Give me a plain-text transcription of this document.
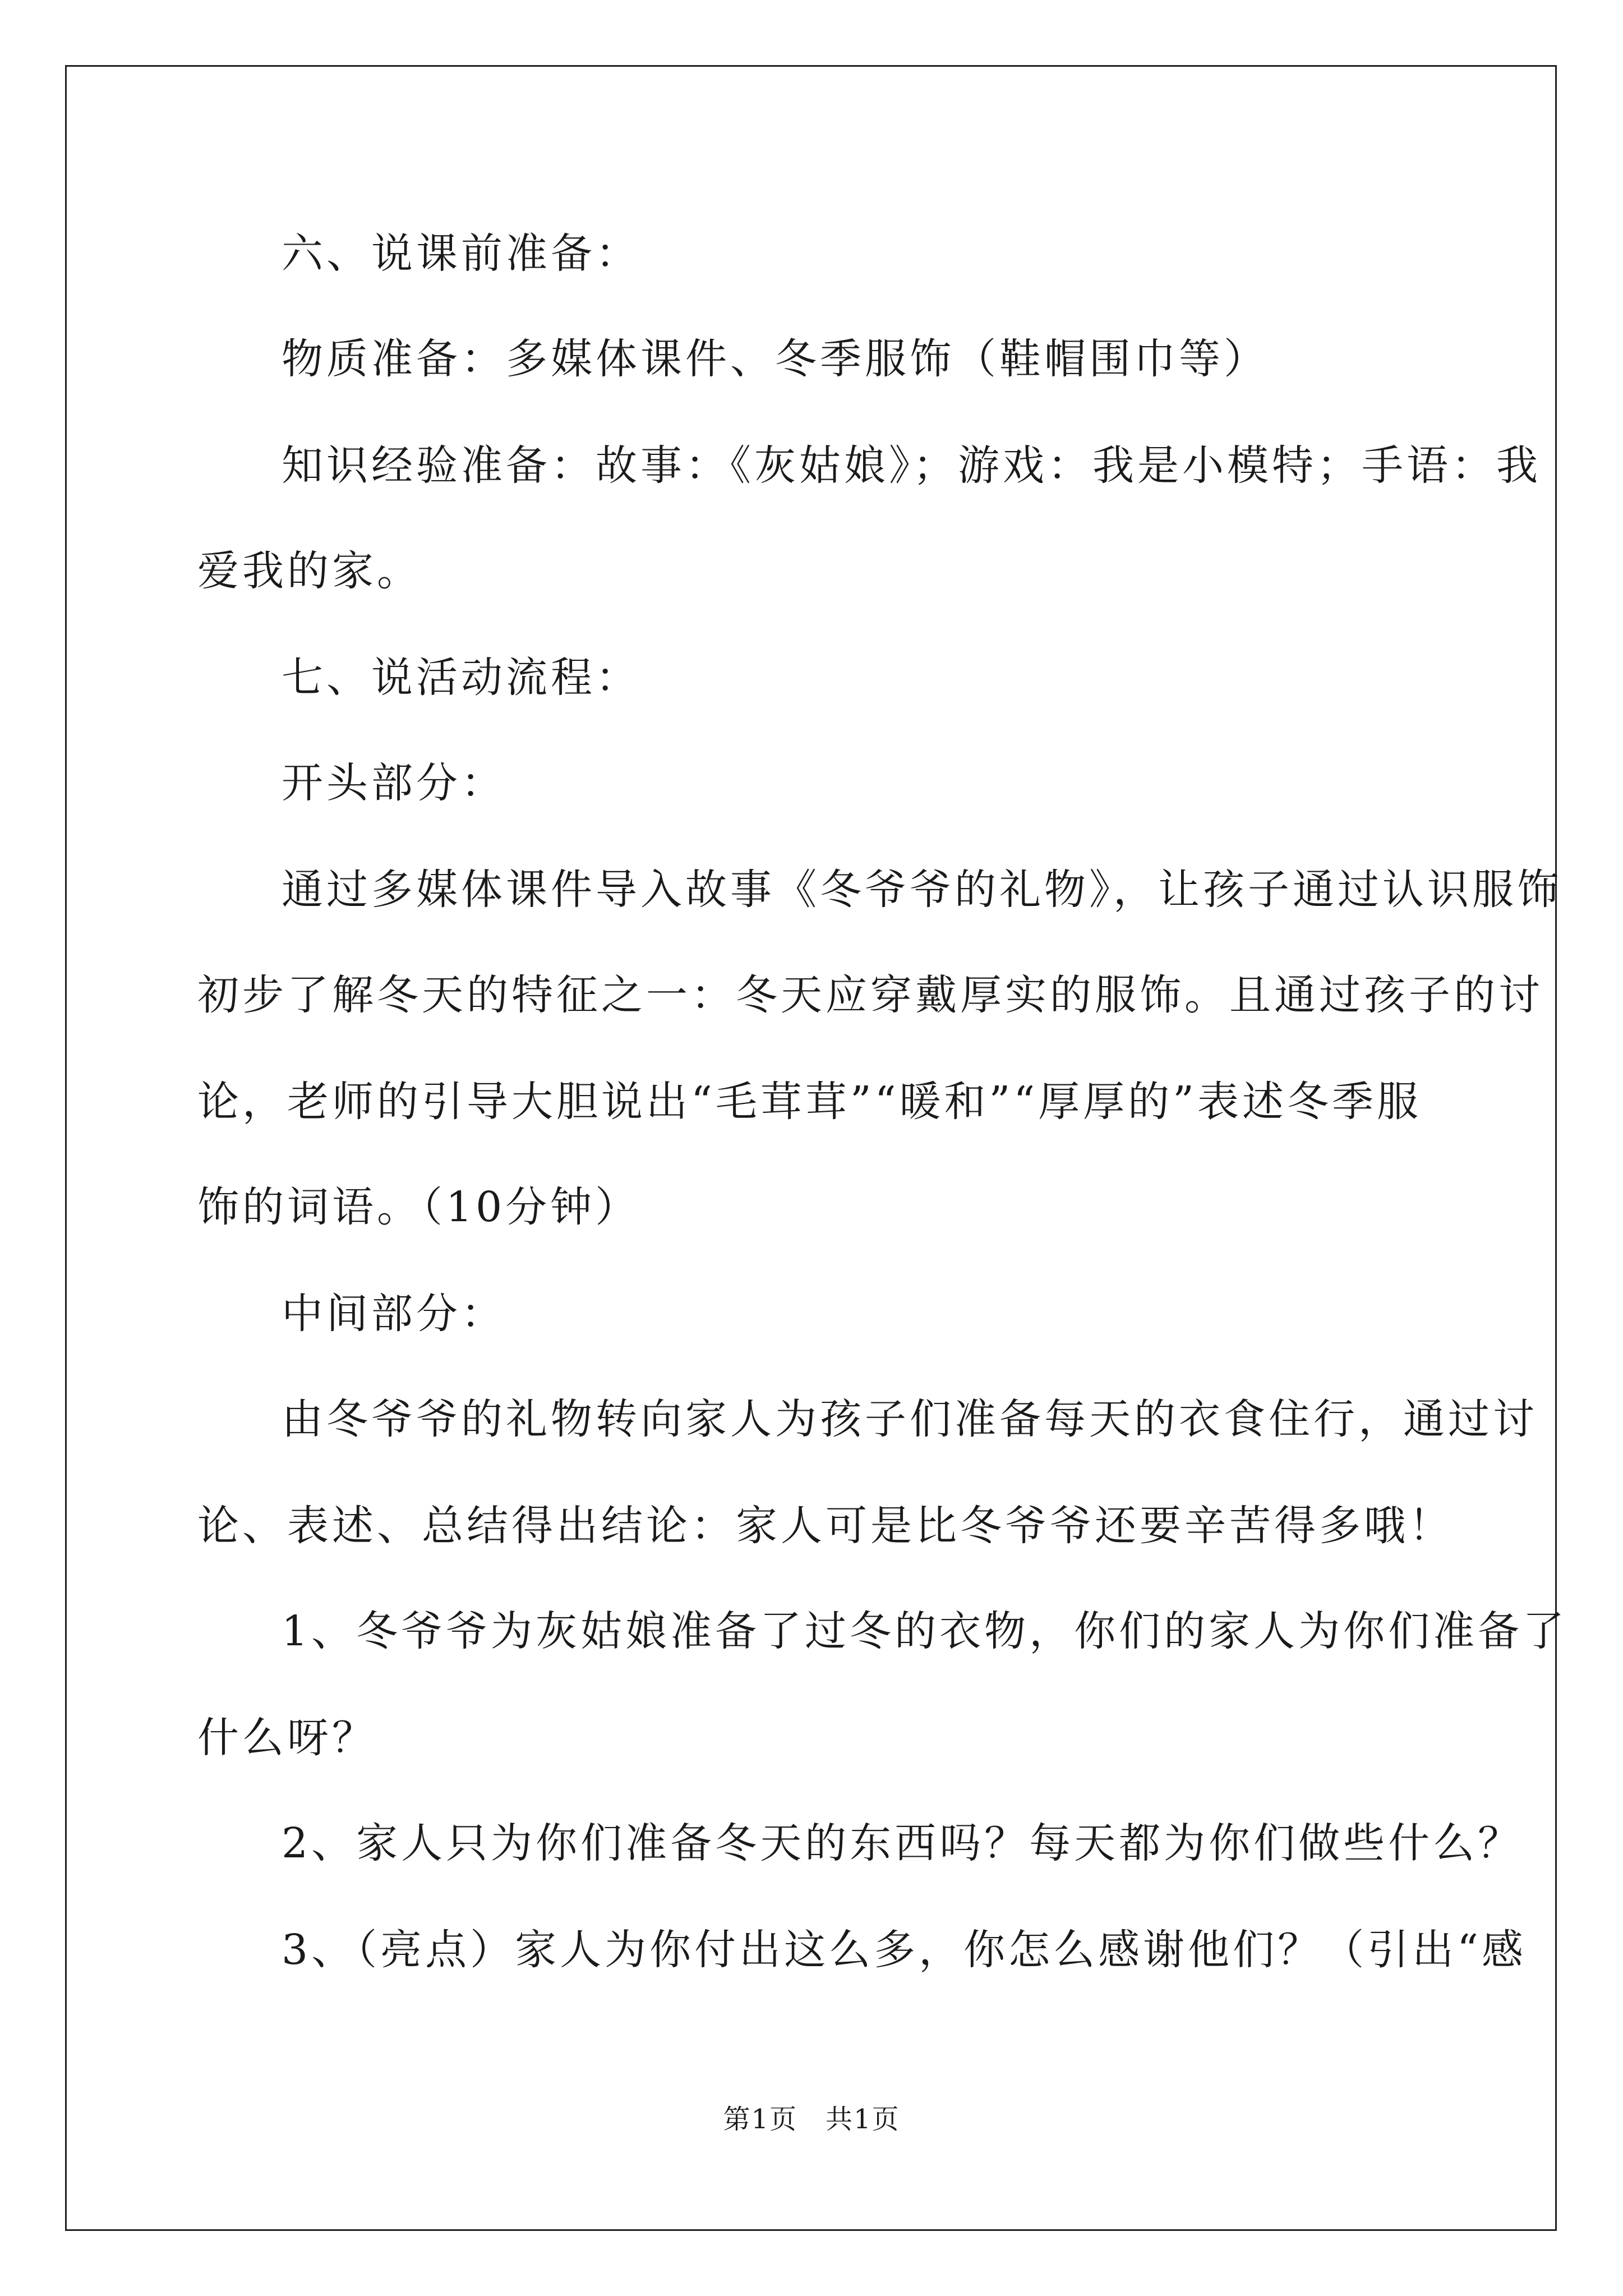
六、说课前准备：
物质准备：多媒体课件、冬季服饰（鞋帽围巾等）
知识经验准备：故事：《灰姑娘》；游戏：我是小模特；手语：我
爱我的家。
七、说活动流程：
开头部分：
通过多媒体课件导入故事《冬爷爷的礼物》，让孩子通过认识服饰
初步了解冬天的特征之一：冬天应穿戴厚实的服饰。且通过孩子的讨
论，老师的引导大胆说出“毛茸茸”“暖和”“厚厚的”表述冬季服
饰的词语。（10分钟）
中间部分：
由冬爷爷的礼物转向家人为孩子们准备每天的衣食住行，通过讨
论、表述、总结得出结论：家人可是比冬爷爷还要辛苦得多哦！
1、冬爷爷为灰姑娘准备了过冬的衣物，你们的家人为你们准备了
什么呀？
2、家人只为你们准备冬天的东西吗？每天都为你们做些什么？
3、（亮点）家人为你付出这么多，你怎么感谢他们？（引出“感
第1页　共1页
